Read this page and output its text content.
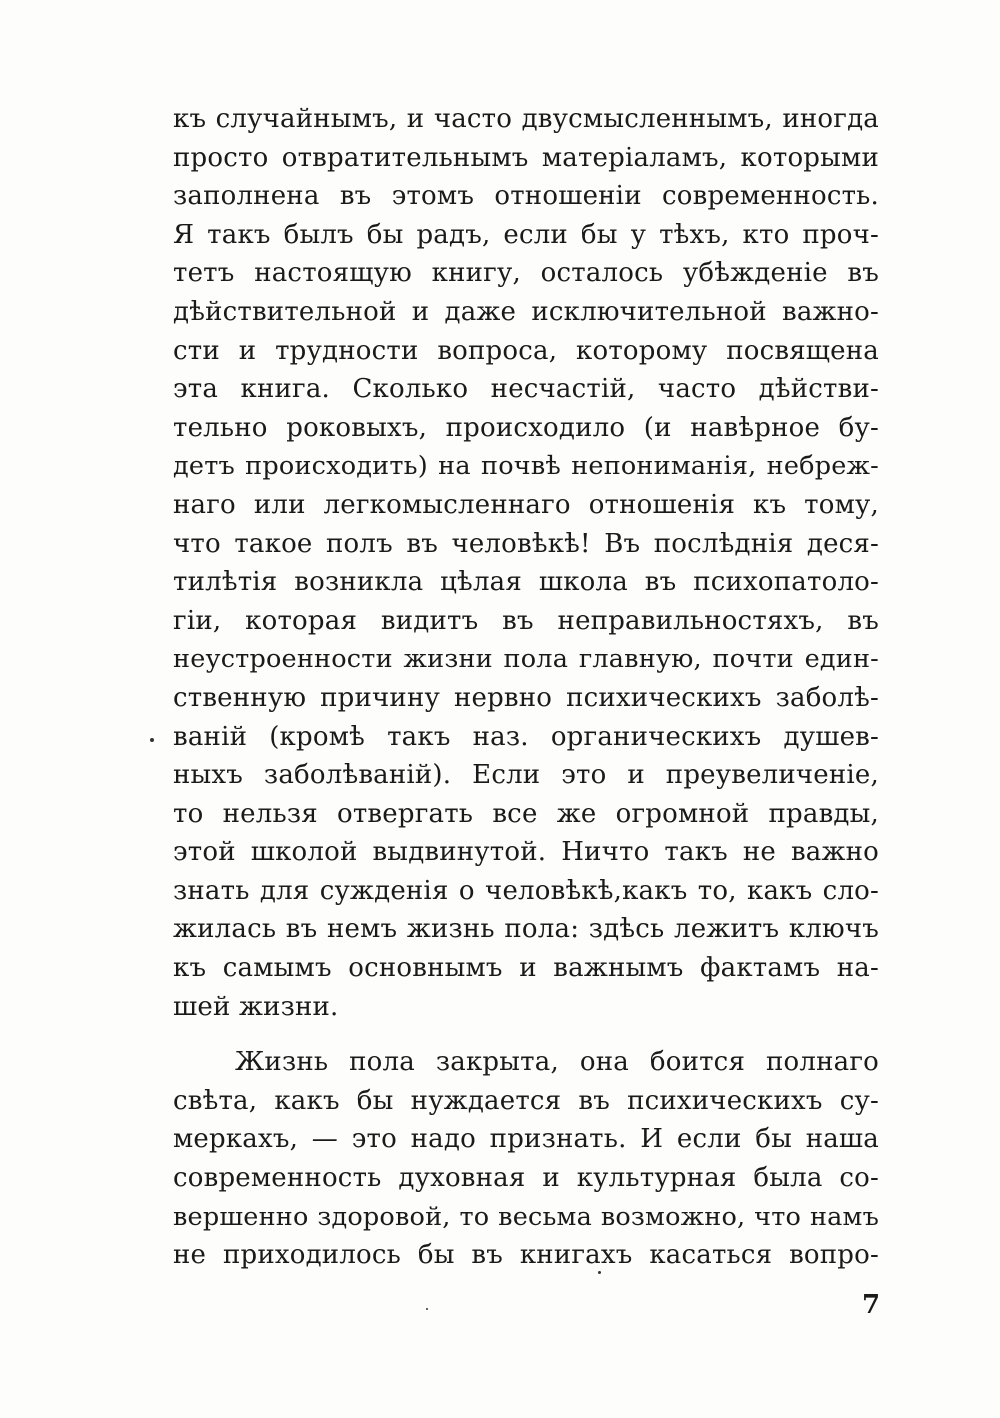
къ случайнымъ, и часто двусмысленнымъ, иногда
просто отвратительнымъ матеріаламъ, которыми
заполнена въ этомъ отношеніи современность.
Я такъ былъ бы радъ, если бы у тѣхъ, кто проч-
тетъ настоящую книгу, осталось убѣжденіе въ
дѣйствительной и даже исключительной важно-
сти и трудности вопроса, которому посвящена
эта книга. Сколько несчастій, часто дѣйстви-
тельно роковыхъ, происходило (и навѣрное бу-
детъ происходить) на почвѣ непониманія, небреж-
наго или легкомысленнаго отношенія къ тому,
что такое полъ въ человѣкѣ! Въ послѣднія деся-
тилѣтія возникла цѣлая школа въ психопатоло-
гіи, которая видитъ въ неправильностяхъ, въ
неустроенности жизни пола главную, почти един-
ственную причину нервно психическихъ заболѣ-
ваній (кромѣ такъ наз. органическихъ душев-
ныхъ заболѣваній). Если это и преувеличеніе,
то нельзя отвергать все же огромной правды,
этой школой выдвинутой. Ничто такъ не важно
знать для сужденія о человѣкѣ,какъ то, какъ сло-
жилась въ немъ жизнь пола: здѣсь лежитъ ключъ
къ самымъ основнымъ и важнымъ фактамъ на-
шей жизни.
Жизнь пола закрыта, она боится полнаго
свѣта, какъ бы нуждается въ психическихъ су-
меркахъ, — это надо признать. И если бы наша
современность духовная и культурная была со-
вершенно здоровой, то весьма возможно, что намъ
не приходилось бы въ книгахъ касаться вопро-
7
